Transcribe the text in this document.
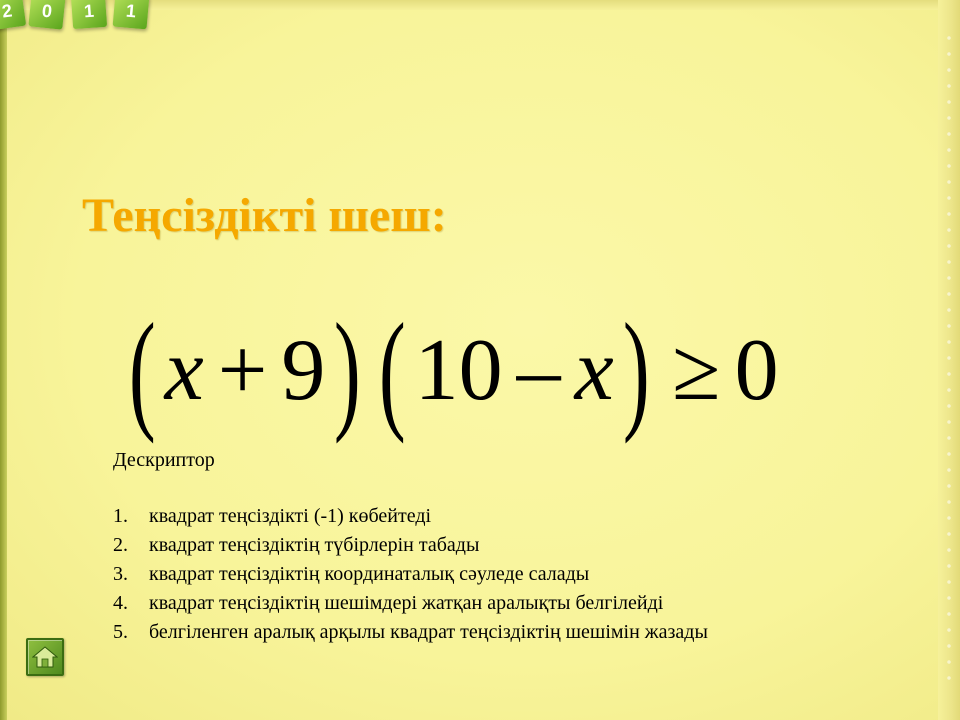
2	0	1	1
Теңсіздікті шеш:
( x + 9 ) ( 10 – x ) ≥ 0
Дескриптор
1.	квадрат теңсіздікті (-1) көбейтеді
2.	квадрат теңсіздіктің түбірлерін табады
3.	квадрат теңсіздіктің координаталық сәуледе салады
4.	квадрат теңсіздіктің шешімдері жатқан аралықты белгілейді
5.	белгіленген аралық арқылы квадрат теңсіздіктің шешімін жазады
